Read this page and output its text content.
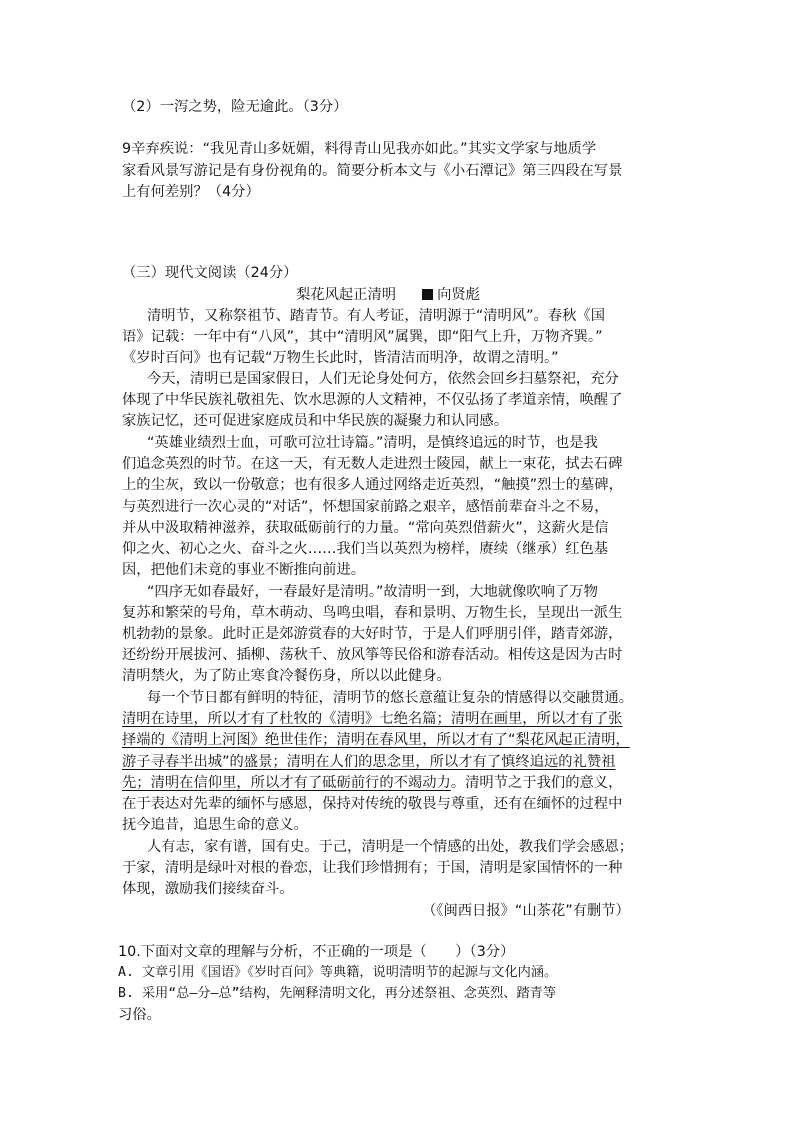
（2）一泻之势，险无逾此。（3分）
9辛弃疾说：“我见青山多妩媚，料得青山见我亦如此。”其实文学家与地质学
家看风景写游记是有身份视角的。简要分析本文与《小石潭记》第三四段在写景
上有何差别？（4分）
（三）现代文阅读（24分）
梨花风起正清明	向贤彪
清明节，又称祭祖节、踏青节。有人考证，清明源于“清明风”。春秋《国
语》记载：一年中有“八风”，其中“清明风”属巽，即“阳气上升，万物齐巽。”
《岁时百问》也有记载“万物生长此时，皆清洁而明净，故谓之清明。”
今天，清明已是国家假日，人们无论身处何方，依然会回乡扫墓祭祀，充分
体现了中华民族礼敬祖先、饮水思源的人文精神，不仅弘扬了孝道亲情，唤醒了
家族记忆，还可促进家庭成员和中华民族的凝聚力和认同感。
“英雄业绩烈士血，可歌可泣壮诗篇。”清明，是慎终追远的时节，也是我
们追念英烈的时节。在这一天，有无数人走进烈士陵园，献上一束花，拭去石碑
上的尘灰，致以一份敬意；也有很多人通过网络走近英烈，“触摸”烈士的墓碑，
与英烈进行一次心灵的“对话”，怀想国家前路之艰辛，感悟前辈奋斗之不易，
并从中汲取精神滋养，获取砥砺前行的力量。“常向英烈借薪火”，这薪火是信
仰之火、初心之火、奋斗之火……我们当以英烈为榜样，赓续（继承）红色基
因，把他们未竟的事业不断推向前进。
“四序无如春最好，一春最好是清明。”故清明一到，大地就像吹响了万物
复苏和繁荣的号角，草木萌动、鸟鸣虫唱，春和景明、万物生长，呈现出一派生
机勃勃的景象。此时正是郊游赏春的大好时节，于是人们呼朋引伴，踏青郊游，
还纷纷开展拔河、插柳、荡秋千、放风筝等民俗和游春活动。相传这是因为古时
清明禁火，为了防止寒食冷餐伤身，所以以此健身。
每一个节日都有鲜明的特征，清明节的悠长意蕴让复杂的情感得以交融贯通。
清明在诗里，所以才有了杜牧的《清明》七绝名篇；清明在画里，所以才有了张
择端的《清明上河图》绝世佳作；清明在春风里，所以才有了“梨花风起正清明，
游子寻春半出城”的盛景；清明在人们的思念里，所以才有了慎终追远的礼赞祖
先；清明在信仰里，所以才有了砥砺前行的不竭动力。清明节之于我们的意义，
在于表达对先辈的缅怀与感恩，保持对传统的敬畏与尊重，还有在缅怀的过程中
抚今追昔，追思生命的意义。
人有志，家有谱，国有史。于己，清明是一个情感的出处，教我们学会感恩；
于家，清明是绿叶对根的眷恋，让我们珍惜拥有；于国，清明是家国情怀的一种
体现，激励我们接续奋斗。
（《闽西日报》“山茶花”有删节）
10.下面对文章的理解与分析，不正确的一项是（　　）（3分）
A. 文章引用《国语》《岁时百问》等典籍，说明清明节的起源与文化内涵。
B. 采用“总—分—总”结构，先阐释清明文化，再分述祭祖、念英烈、踏青等
习俗。
